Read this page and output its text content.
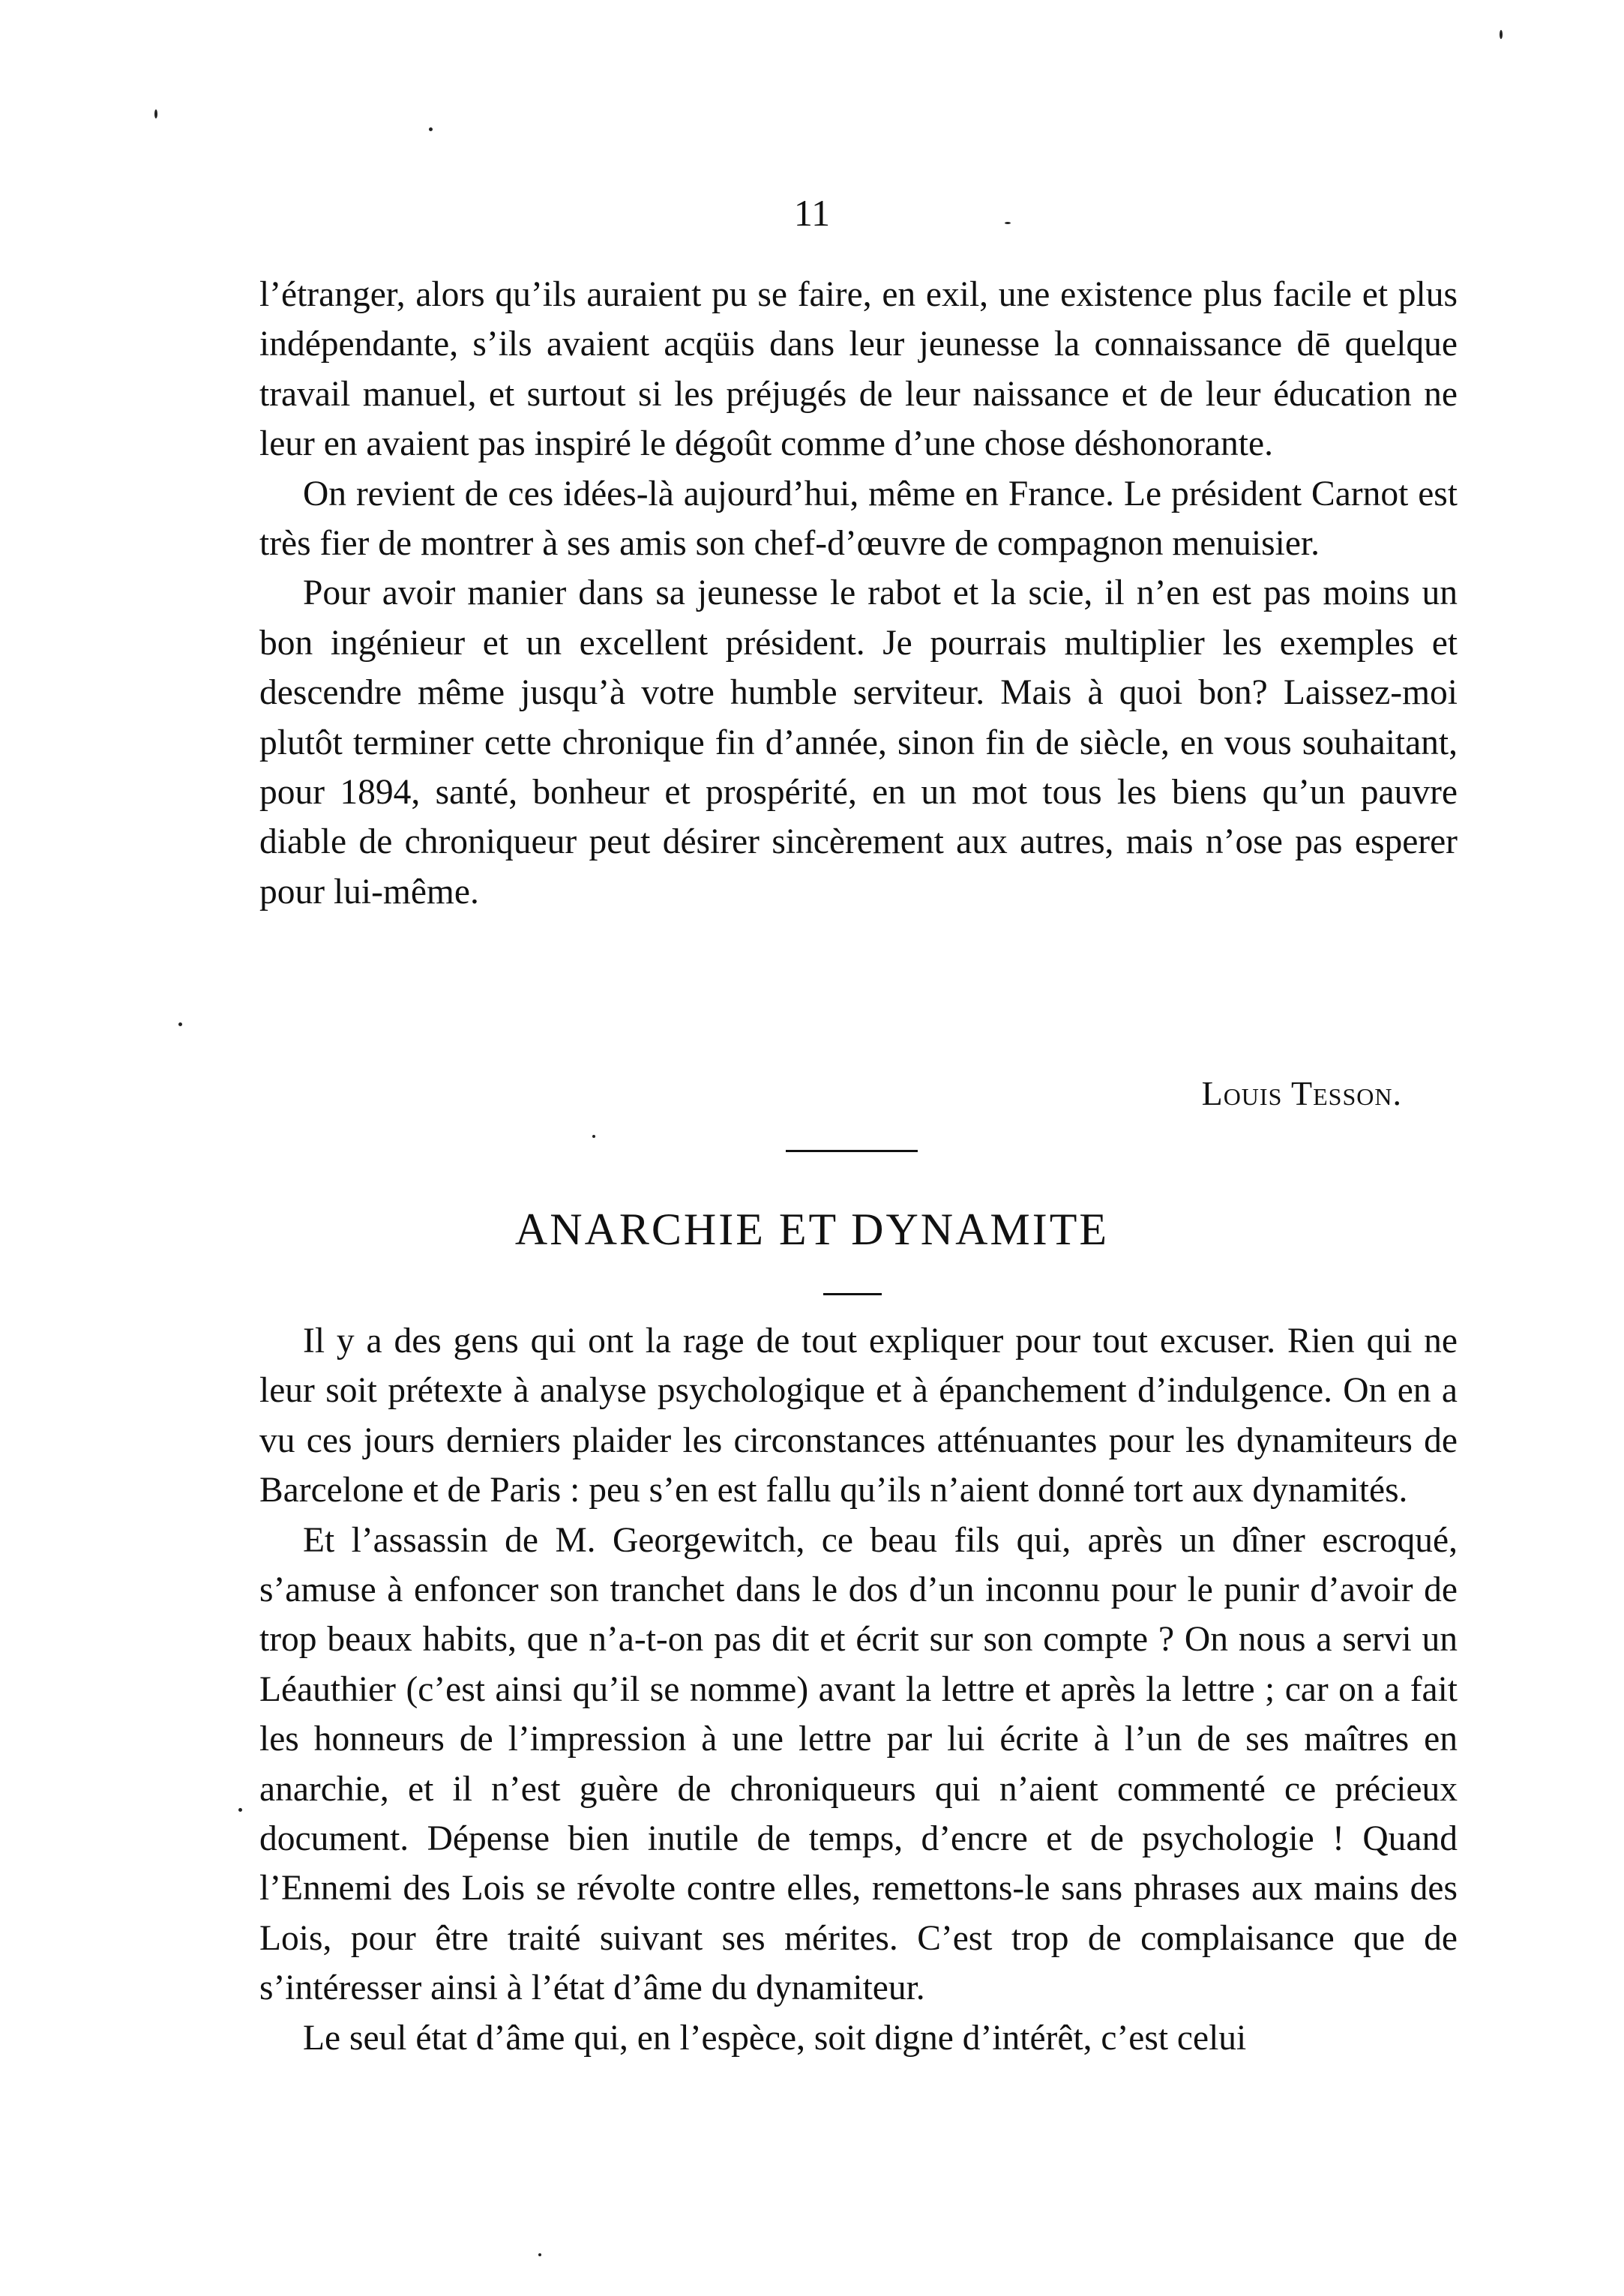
11

l’étranger, alors qu’ils auraient pu se faire, en exil, une existence plus facile et plus indépendante, s’ils avaient acqüis dans leur jeunesse la connaissance dē quelque travail manuel, et surtout si les préjugés de leur naissance et de leur éducation ne leur en avaient pas inspiré le dégoût comme d’une chose déshonorante.

On revient de ces idées-là aujourd’hui, même en France. Le président Carnot est très fier de montrer à ses amis son chef-d’œuvre de compagnon menuisier.

Pour avoir manier dans sa jeunesse le rabot et la scie, il n’en est pas moins un bon ingénieur et un excellent président. Je pourrais multiplier les exemples et descendre même jusqu’à votre humble serviteur. Mais à quoi bon? Laissez-moi plutôt terminer cette chronique fin d’année, sinon fin de siècle, en vous souhaitant, pour 1894, santé, bonheur et prospérité, en un mot tous les biens qu’un pauvre diable de chroniqueur peut désirer sincèrement aux autres, mais n’ose pas esperer pour lui-même.

Louis Tesson.
ANARCHIE ET DYNAMITE

Il y a des gens qui ont la rage de tout expliquer pour tout excuser. Rien qui ne leur soit prétexte à analyse psychologique et à épanchement d’indulgence. On en a vu ces jours derniers plaider les circonstances atténuantes pour les dynamiteurs de Barcelone et de Paris : peu s’en est fallu qu’ils n’aient donné tort aux dynamités.

Et l’assassin de M. Georgewitch, ce beau fils qui, après un dîner escroqué, s’amuse à enfoncer son tranchet dans le dos d’un inconnu pour le punir d’avoir de trop beaux habits, que n’a-t-on pas dit et écrit sur son compte ? On nous a servi un Léauthier (c’est ainsi qu’il se nomme) avant la lettre et après la lettre ; car on a fait les honneurs de l’impression à une lettre par lui écrite à l’un de ses maîtres en anarchie, et il n’est guère de chroniqueurs qui n’aient commenté ce précieux document. Dépense bien inutile de temps, d’encre et de psychologie ! Quand l’Ennemi des Lois se révolte contre elles, remettons-le sans phrases aux mains des Lois, pour être traité suivant ses mérites. C’est trop de complaisance que de s’intéresser ainsi à l’état d’âme du dynamiteur.

Le seul état d’âme qui, en l’espèce, soit digne d’intérêt, c’est celui
